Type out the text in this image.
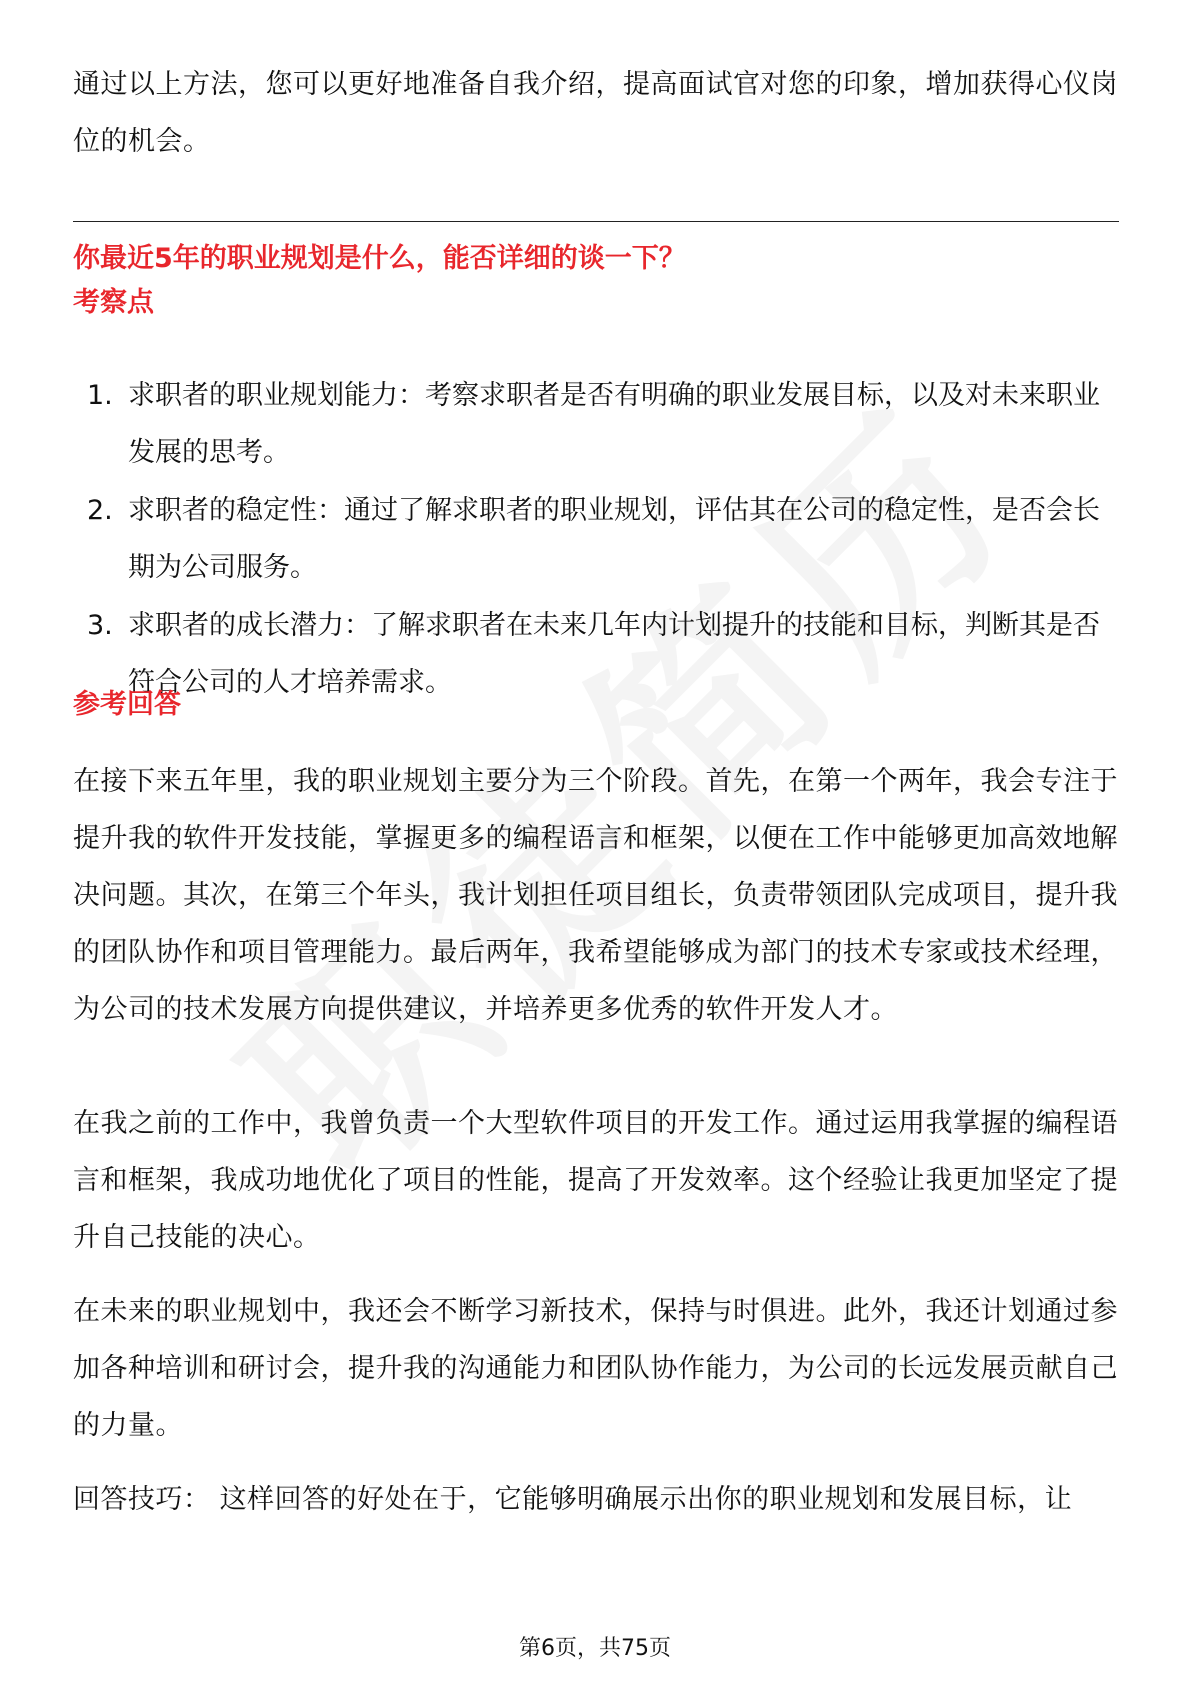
通过以上方法，您可以更好地准备自我介绍，提高面试官对您的印象，增加获得心仪岗位的机会。

你最近5年的职业规划是什么，能否详细的谈一下？

考察点

1. 求职者的职业规划能力：考察求职者是否有明确的职业发展目标，以及对未来职业发展的思考。
2. 求职者的稳定性：通过了解求职者的职业规划，评估其在公司的稳定性，是否会长期为公司服务。
3. 求职者的成长潜力：了解求职者在未来几年内计划提升的技能和目标，判断其是否符合公司的人才培养需求。

参考回答

在接下来五年里，我的职业规划主要分为三个阶段。首先，在第一个两年，我会专注于提升我的软件开发技能，掌握更多的编程语言和框架，以便在工作中能够更加高效地解决问题。其次，在第三个年头，我计划担任项目组长，负责带领团队完成项目，提升我的团队协作和项目管理能力。最后两年，我希望能够成为部门的技术专家或技术经理，为公司的技术发展方向提供建议，并培养更多优秀的软件开发人才。

在我之前的工作中，我曾负责一个大型软件项目的开发工作。通过运用我掌握的编程语言和框架，我成功地优化了项目的性能，提高了开发效率。这个经验让我更加坚定了提升自己技能的决心。

在未来的职业规划中，我还会不断学习新技术，保持与时俱进。此外，我还计划通过参加各种培训和研讨会，提升我的沟通能力和团队协作能力，为公司的长远发展贡献自己的力量。

回答技巧： 这样回答的好处在于，它能够明确展示出你的职业规划和发展目标，让

第6页，共75页
